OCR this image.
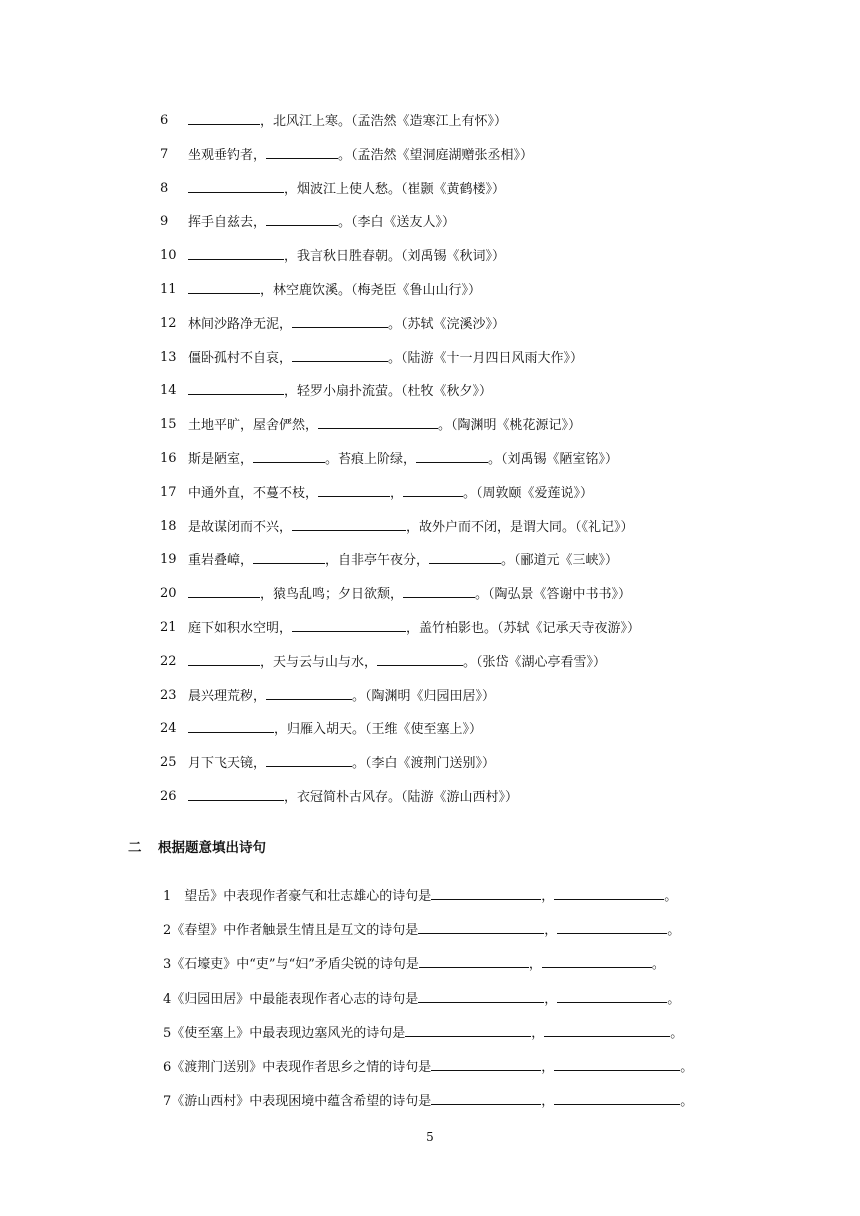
6	，北风江上寒。（孟浩然《造寒江上有怀》）
7	坐观垂钓者，	。（孟浩然《望洞庭湖赠张丞相》）
8	，烟波江上使人愁。（崔颢《黄鹤楼》）
9	挥手自兹去，	。（李白《送友人》）
10	，我言秋日胜春朝。（刘禹锡《秋词》）
11	，林空鹿饮溪。（梅尧臣《鲁山山行》）
12 林间沙路净无泥，	。（苏轼《浣溪沙》）
13 僵卧孤村不自哀，	。（陆游《十一月四日风雨大作》）
14	，轻罗小扇扑流萤。（杜牧《秋夕》）
15 土地平旷，屋舍俨然，	。（陶渊明《桃花源记》）
16 斯是陋室，	。苔痕上阶绿，	。（刘禹锡《陋室铭》）
17 中通外直，不蔓不枝，	，	。（周敦颐《爱莲说》）
18 是故谋闭而不兴，	，故外户而不闭，是谓大同。（《礼记》）
19 重岩叠嶂，	，自非亭午夜分，	。（郦道元《三峡》）
20	，猿鸟乱鸣；夕日欲颓，	。（陶弘景《答谢中书书》）
21 庭下如积水空明，	，盖竹柏影也。（苏轼《记承天寺夜游》）
22	，天与云与山与水，	。（张岱《湖心亭看雪》）
23 晨兴理荒秽，	。（陶渊明《归园田居》）
24	，归雁入胡天。（王维《使至塞上》）
25 月下飞天镜，	。（李白《渡荆门送别》）
26	，衣冠简朴古风存。（陆游《游山西村》）
二 根据题意填出诗句
1　望岳》中表现作者豪气和壮志雄心的诗句是	，	。
2《春望》中作者触景生情且是互文的诗句是	，	。
3《石壕吏》中“吏”与“妇”矛盾尖锐的诗句是	，	。
4《归园田居》中最能表现作者心志的诗句是	，	。
5《使至塞上》中最表现边塞风光的诗句是	，	。
6《渡荆门送别》中表现作者思乡之情的诗句是	，	。
7《游山西村》中表现困境中蕴含希望的诗句是	，	。
5
